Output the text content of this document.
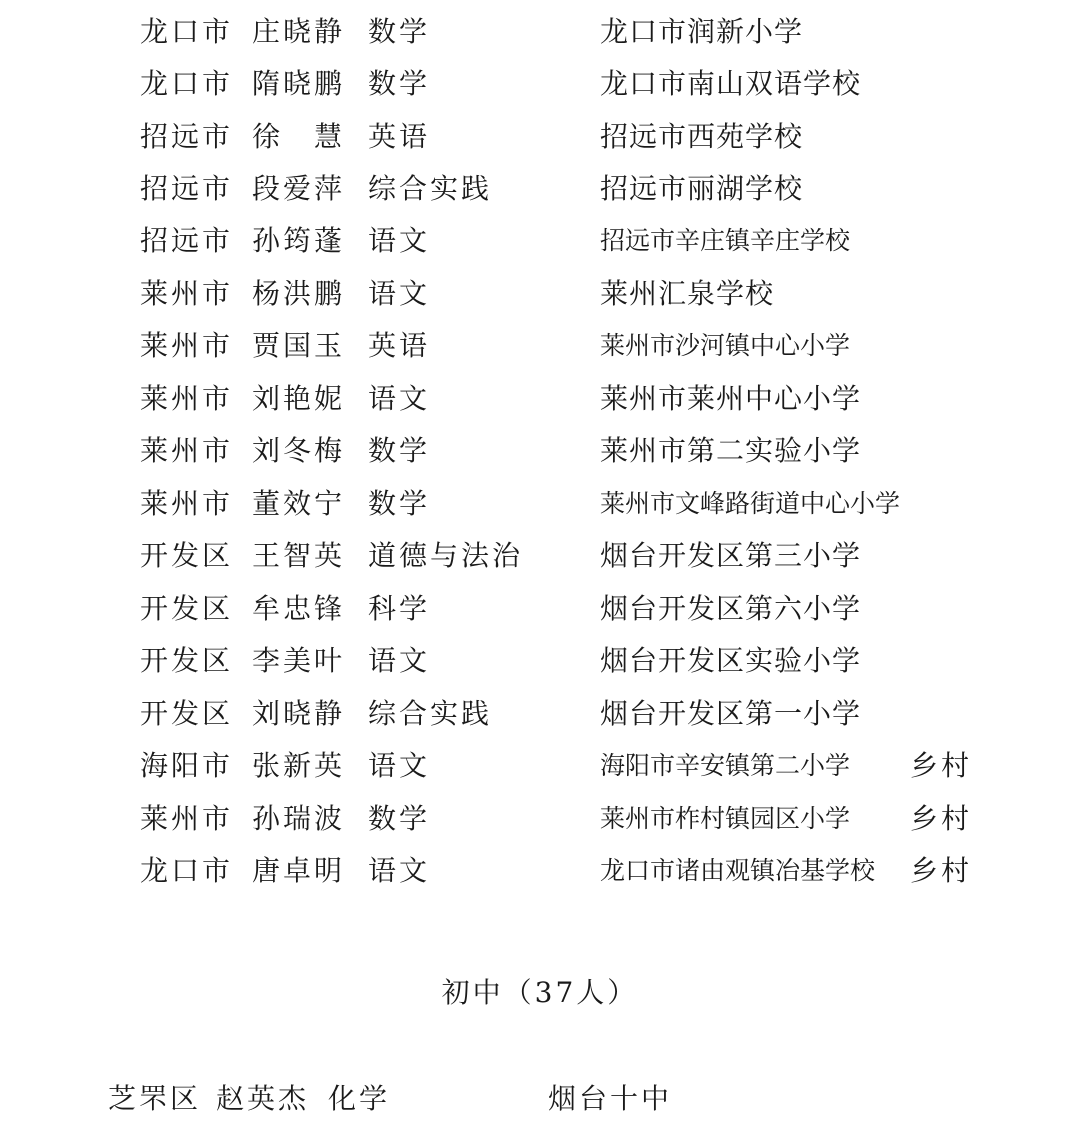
龙口市 庄晓静 数学	龙口市润新小学
龙口市 隋晓鹏 数学	龙口市南山双语学校
招远市 徐　慧 英语	招远市西苑学校
招远市 段爱萍 综合实践	招远市丽湖学校
招远市 孙筠蓬 语文	招远市辛庄镇辛庄学校
莱州市 杨洪鹏 语文	莱州汇泉学校
莱州市 贾国玉 英语	莱州市沙河镇中心小学
莱州市 刘艳妮 语文	莱州市莱州中心小学
莱州市 刘冬梅 数学	莱州市第二实验小学
莱州市 董效宁 数学	莱州市文峰路街道中心小学
开发区 王智英 道德与法治	烟台开发区第三小学
开发区 牟忠锋 科学	烟台开发区第六小学
开发区 李美叶 语文	烟台开发区实验小学
开发区 刘晓静 综合实践	烟台开发区第一小学
海阳市 张新英 语文	海阳市辛安镇第二小学 乡村
莱州市 孙瑞波 数学	莱州市柞村镇园区小学 乡村
龙口市 唐卓明 语文	龙口市诸由观镇冶基学校 乡村
初中（37人）
芝罘区 赵英杰 化学	烟台十中
